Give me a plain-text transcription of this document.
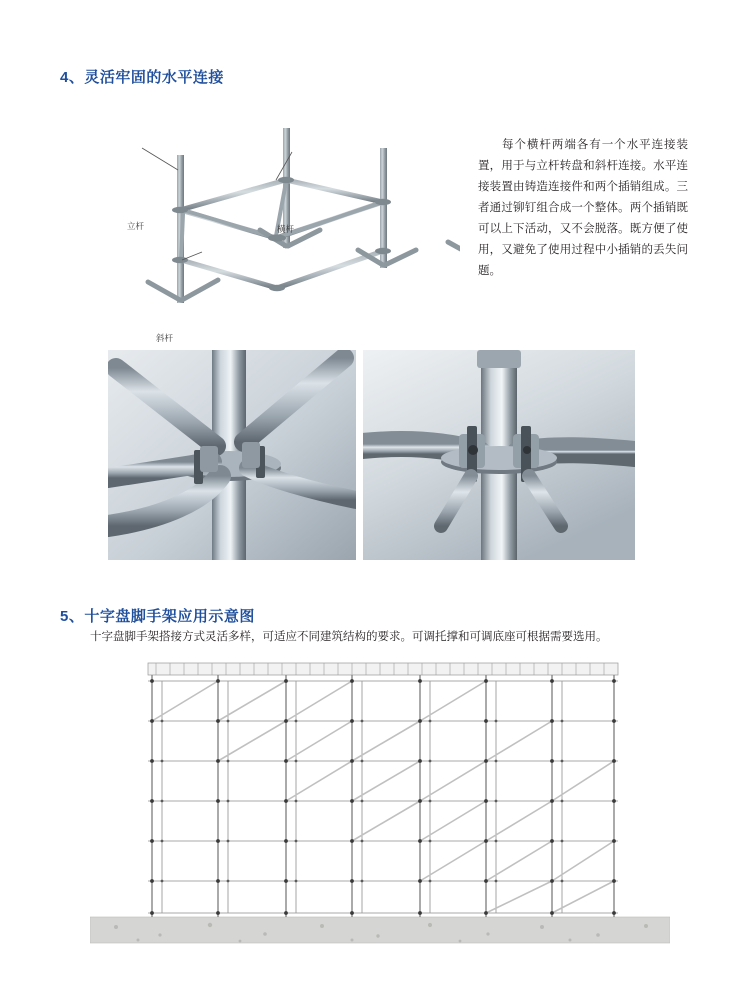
4、灵活牢固的水平连接
立杆	横杆
斜杆
每个横杆两端各有一个水平连接装置，用于与立杆转盘和斜杆连接。水平连接装置由铸造连接件和两个插销组成。三者通过铆钉组合成一个整体。两个插销既可以上下活动，又不会脱落。既方便了使用，又避免了使用过程中小插销的丢失问题。
5、十字盘脚手架应用示意图
十字盘脚手架搭接方式灵活多样，可适应不同建筑结构的要求。可调托撑和可调底座可根据需要选用。
